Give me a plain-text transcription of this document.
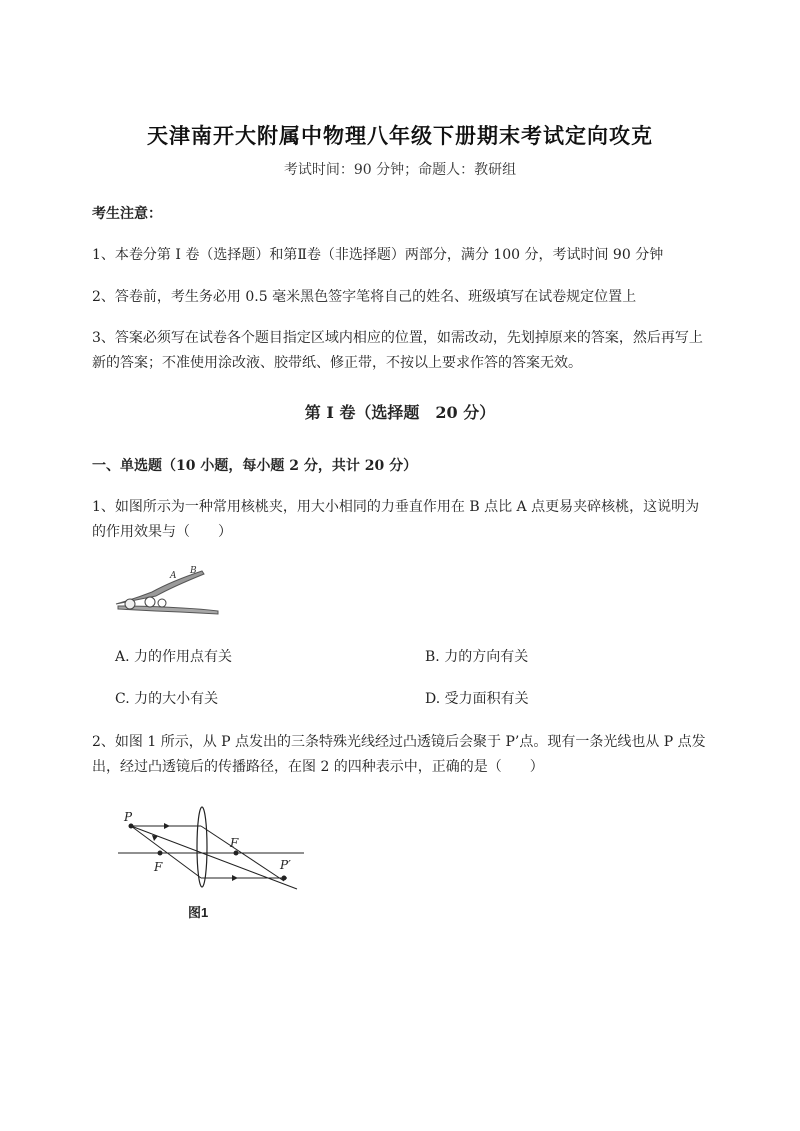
天津南开大附属中物理八年级下册期末考试定向攻克
考试时间：90 分钟；命题人：教研组
考生注意：
1、本卷分第 I 卷（选择题）和第Ⅱ卷（非选择题）两部分，满分 100 分，考试时间 90 分钟
2、答卷前，考生务必用 0.5 毫米黑色签字笔将自己的姓名、班级填写在试卷规定位置上
3、答案必须写在试卷各个题目指定区域内相应的位置，如需改动，先划掉原来的答案，然后再写上新的答案；不准使用涂改液、胶带纸、修正带，不按以上要求作答的答案无效。
第 I 卷（选择题　20 分）
一、单选题（10 小题，每小题 2 分，共计 20 分）
1、如图所示为一种常用核桃夹，用大小相同的力垂直作用在 B 点比 A 点更易夹碎核桃，这说明为的作用效果与（　　）
A B
A. 力的作用点有关	B. 力的方向有关
C. 力的大小有关	D. 受力面积有关
2、如图 1 所示，从 P 点发出的三条特殊光线经过凸透镜后会聚于 P’点。现有一条光线也从 P 点发出，经过凸透镜后的传播路径，在图 2 的四种表示中，正确的是（　　）
P
F
F
P′
图1
